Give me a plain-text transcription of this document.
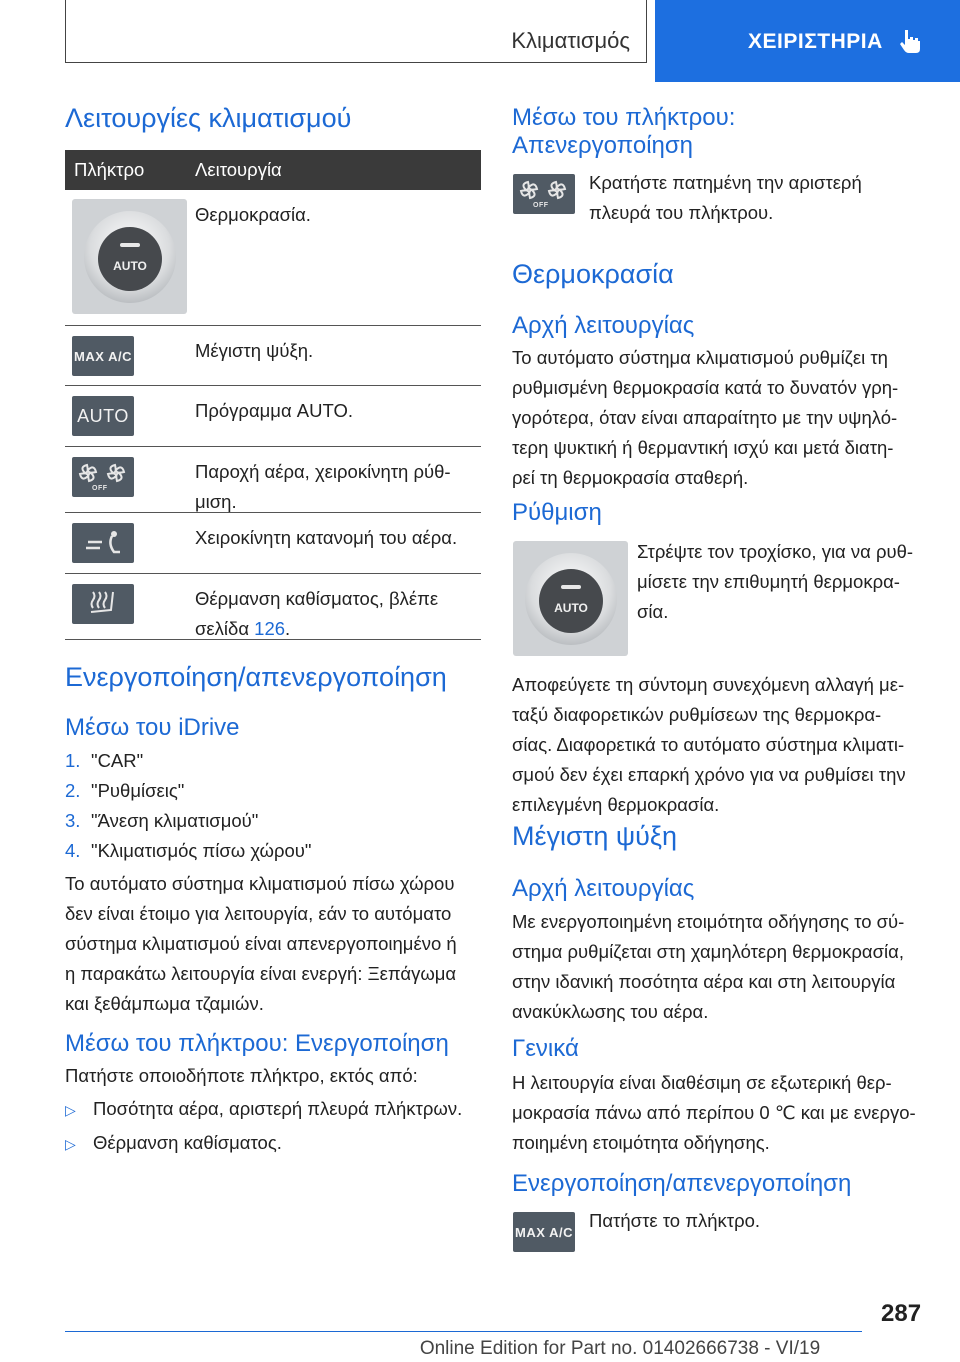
Κλιματισμός	ΧΕΙΡΙΣΤΗΡΙΑ
Λειτουργίες κλιματισμού
Πλήκτρο	Λειτουργία
AUTO
Θερμοκρασία.
MAX A/C	Μέγιστη ψύξη.
AUTO	Πρόγραμμα AUTO.
OFF
Παροχή αέρα, χειροκίνητη ρύθ‐ μιση.
Χειροκίνητη κατανομή του αέρα.
Θέρμανση καθίσματος, βλέπε σελίδα 126.
Ενεργοποίηση/απενεργοποίηση
Μέσω του iDrive
1. "CAR"
2. "Ρυθμίσεις"
3. "Άνεση κλιματισμού"
4. "Κλιματισμός πίσω χώρου"
Το αυτόματο σύστημα κλιματισμού πίσω χώρου
δεν είναι έτοιμο για λειτουργία, εάν το αυτόματο
σύστημα κλιματισμού είναι απενεργοποιημένο ή
η παρακάτω λειτουργία είναι ενεργή: Ξεπάγωμα
και ξεθάμπωμα τζαμιών.
Μέσω του πλήκτρου: Ενεργοποίηση
Πατήστε οποιοδήποτε πλήκτρο, εκτός από:
▷ Ποσότητα αέρα, αριστερή πλευρά πλήκτρων.
▷ Θέρμανση καθίσματος.
Μέσω του πλήκτρου:
Απενεργοποίηση
OFF
Κρατήστε πατημένη την αριστερή
πλευρά του πλήκτρου.
Θερμοκρασία
Αρχή λειτουργίας
Το αυτόματο σύστημα κλιματισμού ρυθμίζει τη
ρυθμισμένη θερμοκρασία κατά το δυνατόν γρη‐
γορότερα, όταν είναι απαραίτητο με την υψηλό‐
τερη ψυκτική ή θερμαντική ισχύ και μετά διατη‐
ρεί τη θερμοκρασία σταθερή.
Ρύθμιση
AUTO
Στρέψτε τον τροχίσκο, για να ρυθ‐
μίσετε την επιθυμητή θερμοκρα‐
σία.
Αποφεύγετε τη σύντομη συνεχόμενη αλλαγή με‐
ταξύ διαφορετικών ρυθμίσεων της θερμοκρα‐
σίας. Διαφορετικά το αυτόματο σύστημα κλιματι‐
σμού δεν έχει επαρκή χρόνο για να ρυθμίσει την
επιλεγμένη θερμοκρασία.
Μέγιστη ψύξη
Αρχή λειτουργίας
Με ενεργοποιημένη ετοιμότητα οδήγησης το σύ‐
στημα ρυθμίζεται στη χαμηλότερη θερμοκρασία,
στην ιδανική ποσότητα αέρα και στη λειτουργία
ανακύκλωσης του αέρα.
Γενικά
Η λειτουργία είναι διαθέσιμη σε εξωτερική θερ‐
μοκρασία πάνω από περίπου 0 ℃ και με ενεργο‐
ποιημένη ετοιμότητα οδήγησης.
Ενεργοποίηση/απενεργοποίηση
MAX A/C
Πατήστε το πλήκτρο.
287
Online Edition for Part no. 01402666738 - VI/19
